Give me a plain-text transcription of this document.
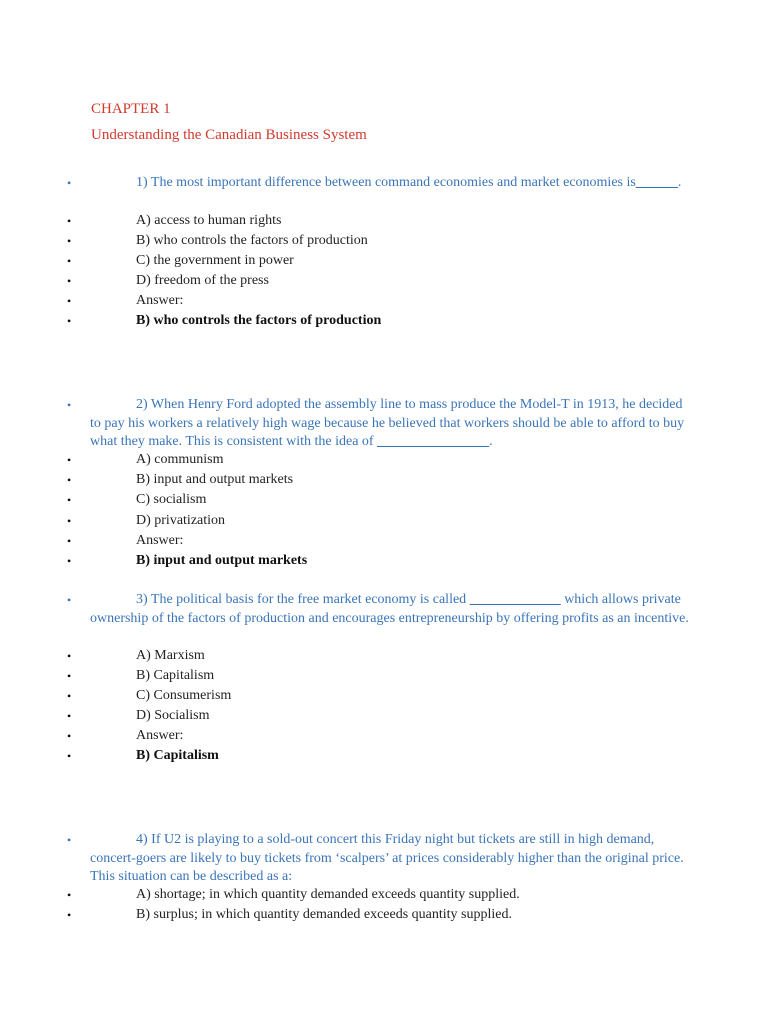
CHAPTER 1
Understanding the Canadian Business System
•	1) The most important difference between command economies and market economies is______.
•	A) access to human rights
•	B) who controls the factors of production
•	C) the government in power
•	D) freedom of the press
•	Answer:
•	B) who controls the factors of production
•	2) When Henry Ford adopted the assembly line to mass produce the Model-T in 1913, he decided to pay his workers a relatively high wage because he believed that workers should be able to afford to buy what they make. This is consistent with the idea of ________________.
•	A) communism
•	B) input and output markets
•	C) socialism
•	D) privatization
•	Answer:
•	B) input and output markets
•	3) The political basis for the free market economy is called _____________ which allows private ownership of the factors of production and encourages entrepreneurship by offering profits as an incentive.
•	A) Marxism
•	B) Capitalism
•	C) Consumerism
•	D) Socialism
•	Answer:
•	B) Capitalism
•	4) If U2 is playing to a sold-out concert this Friday night but tickets are still in high demand, concert-goers are likely to buy tickets from ‘scalpers’ at prices considerably higher than the original price. This situation can be described as a:
•	A) shortage; in which quantity demanded exceeds quantity supplied.
•	B) surplus; in which quantity demanded exceeds quantity supplied.
